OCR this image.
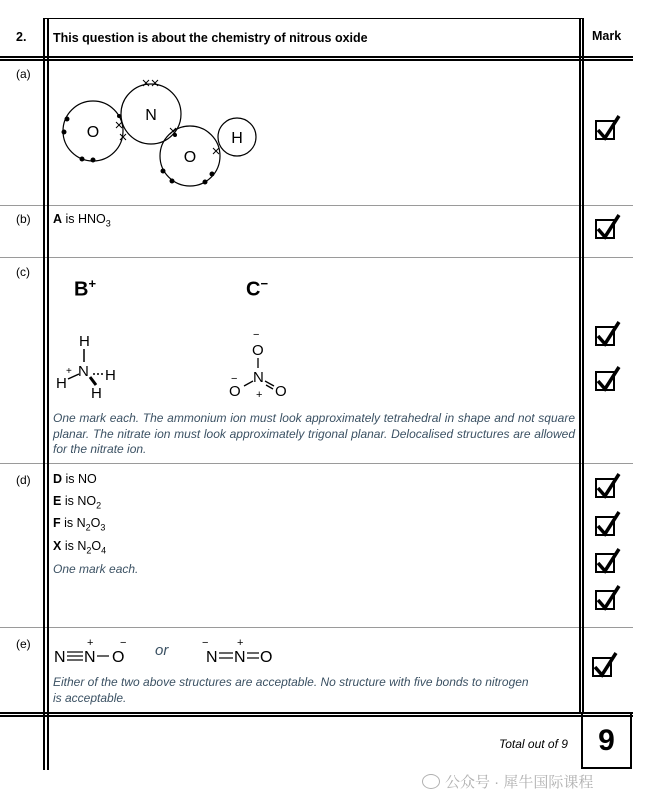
2. This question is about the chemistry of nitrous oxide	Mark
(a)
O
N
O
H
(b) A is $HNO_3$
(c)
B+	C−
H
H	H
H
N
+
−
O
N
O O
−
+
One mark each. The ammonium ion must look approximately tetrahedral in shape and not square planar. The nitrate ion must look approximately trigonal planar. Delocalised structures are allowed for the nitrate ion.
(d) D is NO
E is $NO_2$
F is $N_2O_3$
X is $N_2O_4$
One mark each.
(e)
N N O
+ − or N N O
−	+
Either of the two above structures are acceptable. No structure with five bonds to nitrogen is acceptable.
Total out of 9 9
公众号 · 犀牛国际课程
